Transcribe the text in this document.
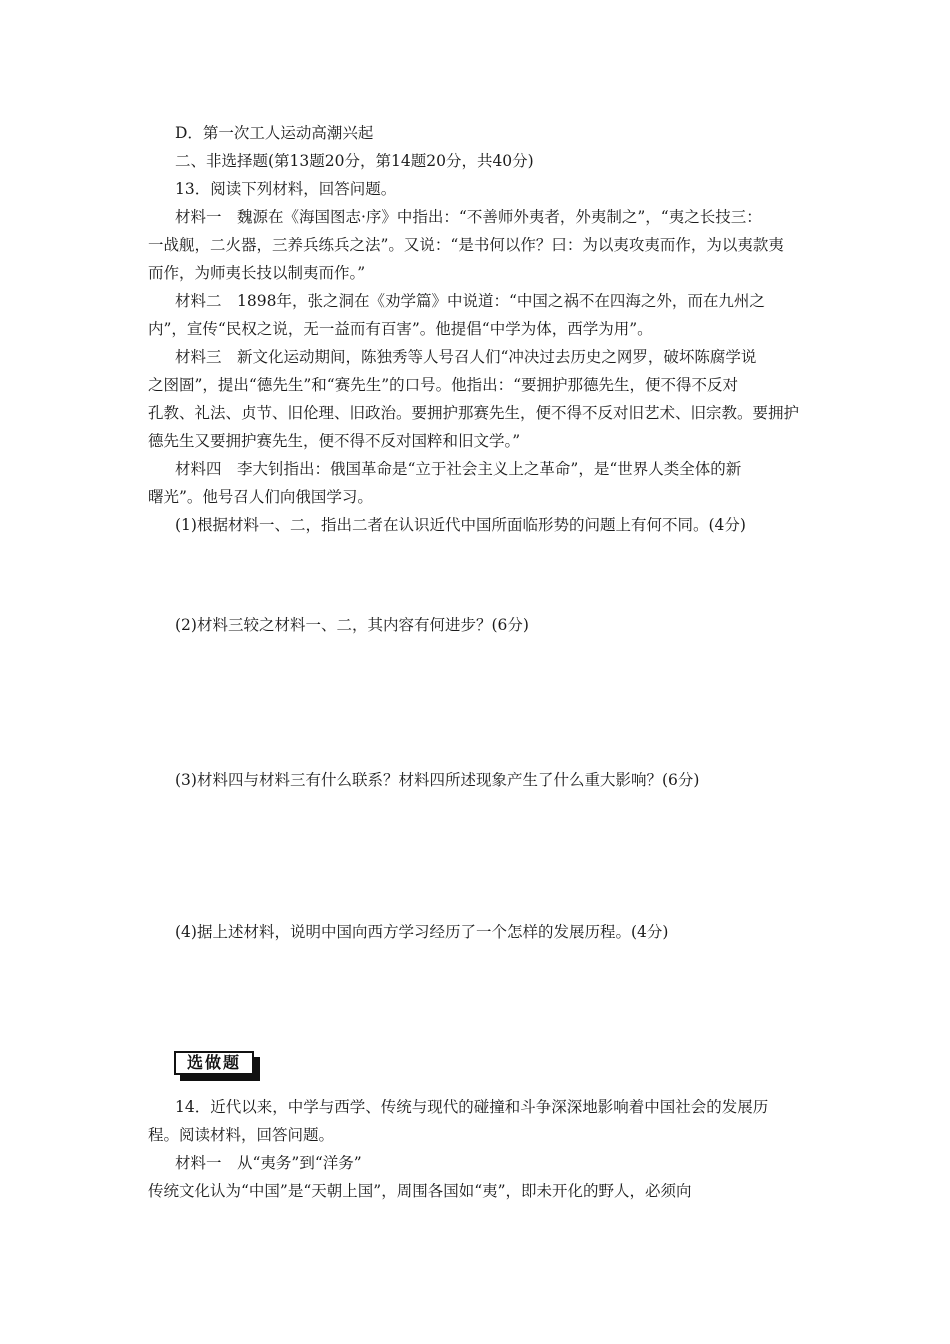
D．第一次工人运动高潮兴起
二、非选择题(第13题20分，第14题20分，共40分)
13．阅读下列材料，回答问题。
材料一　魏源在《海国图志·序》中指出：“不善师外夷者，外夷制之”，“夷之长技三：
一战舰，二火器，三养兵练兵之法”。又说：“是书何以作？曰：为以夷攻夷而作，为以夷款夷
而作，为师夷长技以制夷而作。”
材料二　1898年，张之洞在《劝学篇》中说道：“中国之祸不在四海之外，而在九州之
内”，宣传“民权之说，无一益而有百害”。他提倡“中学为体，西学为用”。
材料三　新文化运动期间，陈独秀等人号召人们“冲决过去历史之网罗，破坏陈腐学说
之囹圄”，提出“德先生”和“赛先生”的口号。他指出：“要拥护那德先生，便不得不反对
孔教、礼法、贞节、旧伦理、旧政治。要拥护那赛先生，便不得不反对旧艺术、旧宗教。要拥护
德先生又要拥护赛先生，便不得不反对国粹和旧文学。”
材料四　李大钊指出：俄国革命是“立于社会主义上之革命”，是“世界人类全体的新
曙光”。他号召人们向俄国学习。
(1)根据材料一、二，指出二者在认识近代中国所面临形势的问题上有何不同。(4分)
(2)材料三较之材料一、二，其内容有何进步？(6分)
(3)材料四与材料三有什么联系？材料四所述现象产生了什么重大影响？(6分)
(4)据上述材料，说明中国向西方学习经历了一个怎样的发展历程。(4分)
选做题
14．近代以来，中学与西学、传统与现代的碰撞和斗争深深地影响着中国社会的发展历
程。阅读材料，回答问题。
材料一　从“夷务”到“洋务”
传统文化认为“中国”是“天朝上国”，周围各国如“夷”，即未开化的野人，必须向
